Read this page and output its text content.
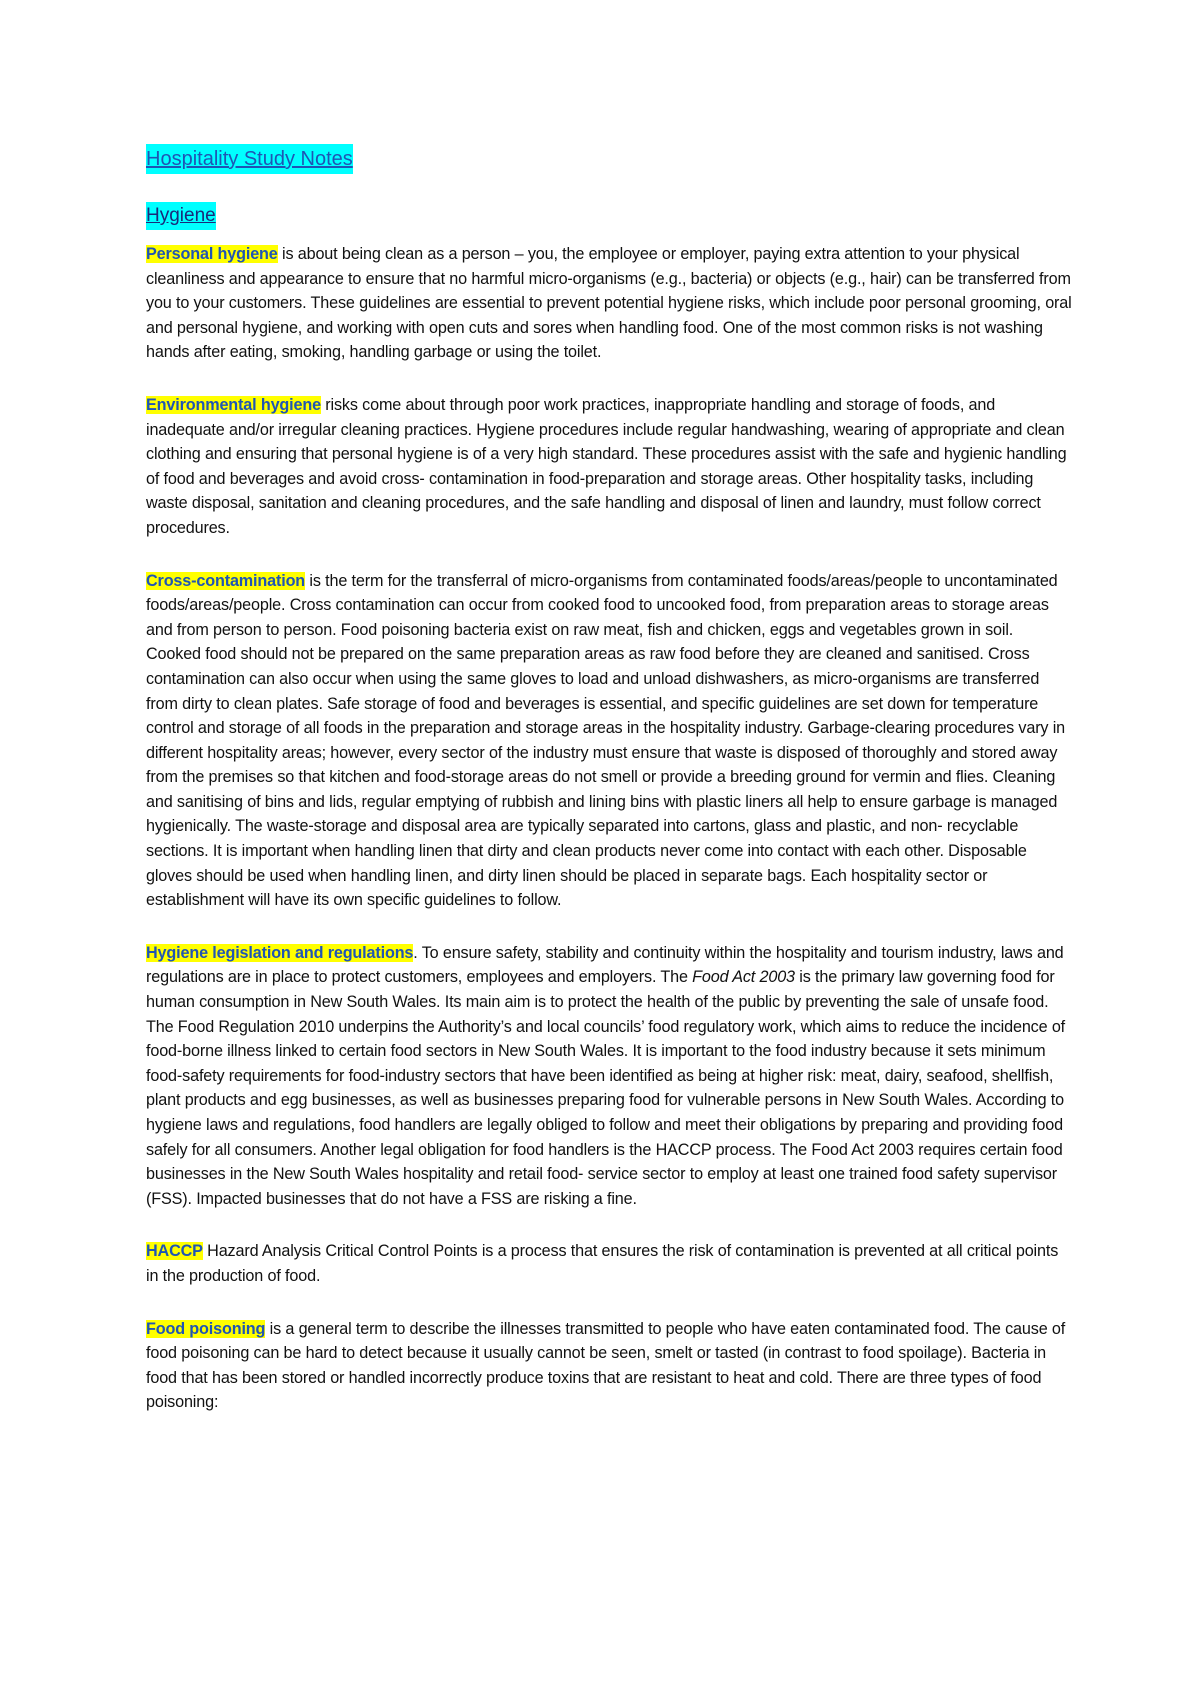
Hospitality Study Notes
Hygiene

Personal hygiene is about being clean as a person – you, the employee or employer, paying extra attention to your physical cleanliness and appearance to ensure that no harmful micro-organisms (e.g., bacteria) or objects (e.g., hair) can be transferred from you to your customers. These guidelines are essential to prevent potential hygiene risks, which include poor personal grooming, oral and personal hygiene, and working with open cuts and sores when handling food. One of the most common risks is not washing hands after eating, smoking, handling garbage or using the toilet.

Environmental hygiene risks come about through poor work practices, inappropriate handling and storage of foods, and inadequate and/or irregular cleaning practices. Hygiene procedures include regular handwashing, wearing of appropriate and clean clothing and ensuring that personal hygiene is of a very high standard. These procedures assist with the safe and hygienic handling of food and beverages and avoid cross- contamination in food-preparation and storage areas. Other hospitality tasks, including waste disposal, sanitation and cleaning procedures, and the safe handling and disposal of linen and laundry, must follow correct procedures.

Cross-contamination is the term for the transferral of micro-organisms from contaminated foods/areas/people to uncontaminated foods/areas/people. Cross contamination can occur from cooked food to uncooked food, from preparation areas to storage areas and from person to person. Food poisoning bacteria exist on raw meat, fish and chicken, eggs and vegetables grown in soil. Cooked food should not be prepared on the same preparation areas as raw food before they are cleaned and sanitised. Cross contamination can also occur when using the same gloves to load and unload dishwashers, as micro-organisms are transferred from dirty to clean plates. Safe storage of food and beverages is essential, and specific guidelines are set down for temperature control and storage of all foods in the preparation and storage areas in the hospitality industry. Garbage-clearing procedures vary in different hospitality areas; however, every sector of the industry must ensure that waste is disposed of thoroughly and stored away from the premises so that kitchen and food-storage areas do not smell or provide a breeding ground for vermin and flies. Cleaning and sanitising of bins and lids, regular emptying of rubbish and lining bins with plastic liners all help to ensure garbage is managed hygienically. The waste-storage and disposal area are typically separated into cartons, glass and plastic, and non- recyclable sections. It is important when handling linen that dirty and clean products never come into contact with each other. Disposable gloves should be used when handling linen, and dirty linen should be placed in separate bags. Each hospitality sector or establishment will have its own specific guidelines to follow.

Hygiene legislation and regulations. To ensure safety, stability and continuity within the hospitality and tourism industry, laws and regulations are in place to protect customers, employees and employers. The Food Act 2003 is the primary law governing food for human consumption in New South Wales. Its main aim is to protect the health of the public by preventing the sale of unsafe food. The Food Regulation 2010 underpins the Authority’s and local councils’ food regulatory work, which aims to reduce the incidence of food-borne illness linked to certain food sectors in New South Wales. It is important to the food industry because it sets minimum food-safety requirements for food-industry sectors that have been identified as being at higher risk: meat, dairy, seafood, shellfish, plant products and egg businesses, as well as businesses preparing food for vulnerable persons in New South Wales. According to hygiene laws and regulations, food handlers are legally obliged to follow and meet their obligations by preparing and providing food safely for all consumers. Another legal obligation for food handlers is the HACCP process. The Food Act 2003 requires certain food businesses in the New South Wales hospitality and retail food- service sector to employ at least one trained food safety supervisor (FSS). Impacted businesses that do not have a FSS are risking a fine.

HACCP Hazard Analysis Critical Control Points is a process that ensures the risk of contamination is prevented at all critical points in the production of food.

Food poisoning is a general term to describe the illnesses transmitted to people who have eaten contaminated food. The cause of food poisoning can be hard to detect because it usually cannot be seen, smelt or tasted (in contrast to food spoilage). Bacteria in food that has been stored or handled incorrectly produce toxins that are resistant to heat and cold. There are three types of food poisoning:
